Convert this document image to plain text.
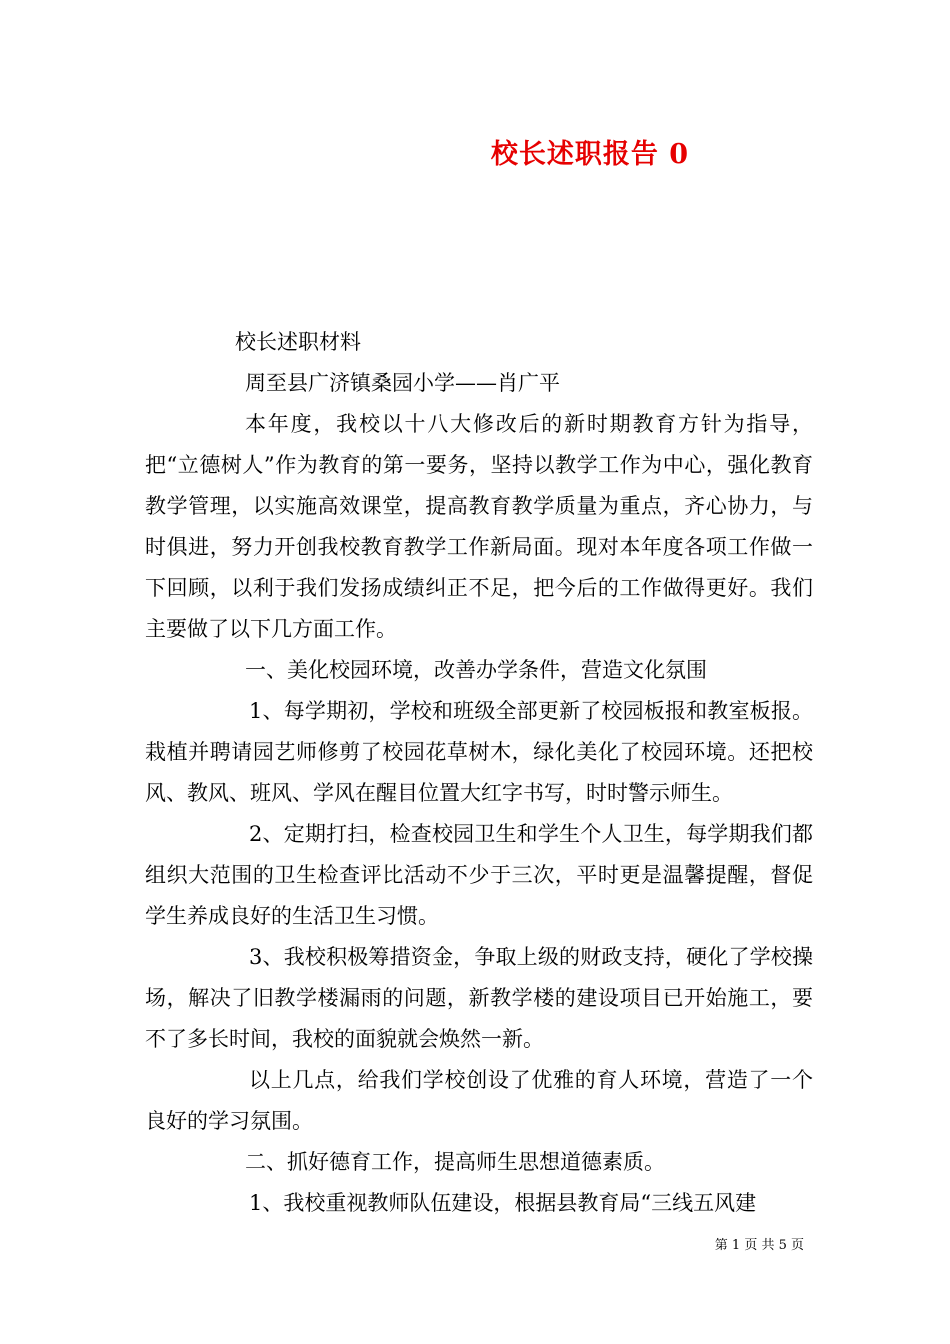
校长述职报告 0

校长述职材料

周至县广济镇桑园小学——肖广平

本年度，我校以十八大修改后的新时期教育方针为指导，把“立德树人”作为教育的第一要务，坚持以教学工作为中心，强化教育教学管理，以实施高效课堂，提高教育教学质量为重点，齐心协力，与时俱进，努力开创我校教育教学工作新局面。现对本年度各项工作做一下回顾，以利于我们发扬成绩纠正不足，把今后的工作做得更好。我们主要做了以下几方面工作。

一、美化校园环境，改善办学条件，营造文化氛围

1、每学期初，学校和班级全部更新了校园板报和教室板报。栽植并聘请园艺师修剪了校园花草树木，绿化美化了校园环境。还把校风、教风、班风、学风在醒目位置大红字书写，时时警示师生。

2、定期打扫，检查校园卫生和学生个人卫生，每学期我们都组织大范围的卫生检查评比活动不少于三次，平时更是温馨提醒，督促学生养成良好的生活卫生习惯。

3、我校积极筹措资金，争取上级的财政支持，硬化了学校操场，解决了旧教学楼漏雨的问题，新教学楼的建设项目已开始施工，要不了多长时间，我校的面貌就会焕然一新。

以上几点，给我们学校创设了优雅的育人环境，营造了一个良好的学习氛围。

二、抓好德育工作，提高师生思想道德素质。

1、我校重视教师队伍建设，根据县教育局“三线五风建

第 1 页 共 5 页
